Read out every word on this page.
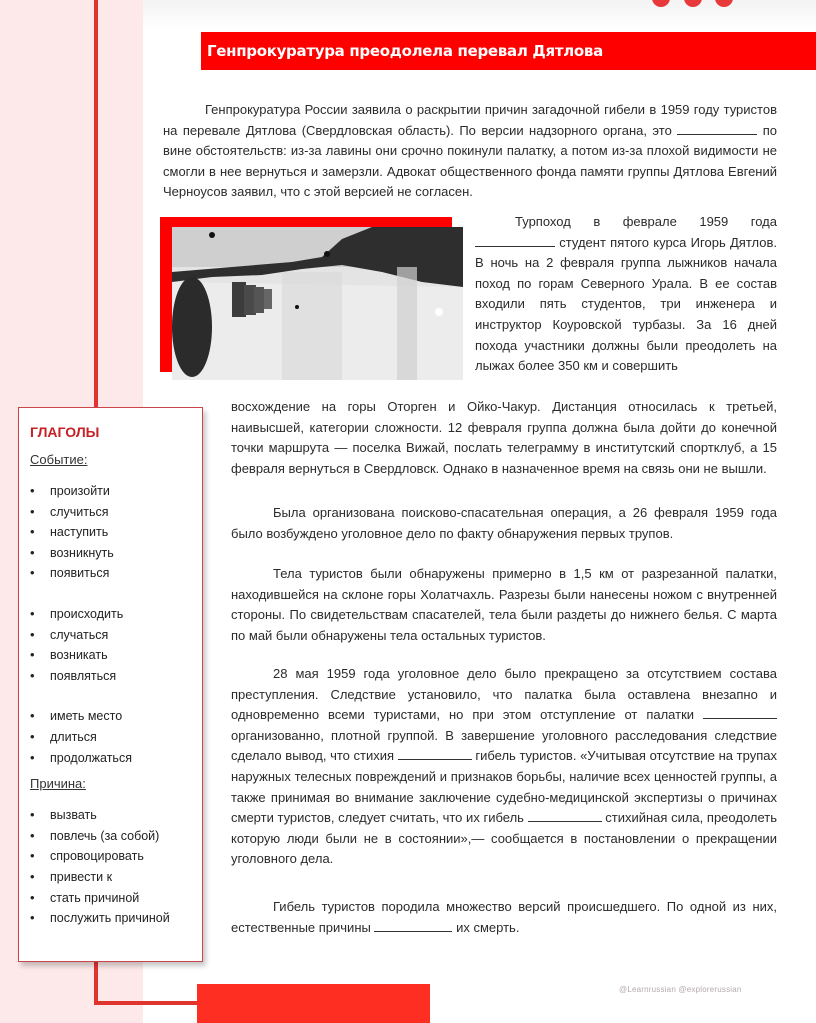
Генпрокуратура преодолела перевал Дятлова
Генпрокуратура России заявила о раскрытии причин загадочной гибели в 1959 году туристов на перевале Дятлова (Свердловская область). По версии надзорного органа, это	по вине обстоятельств: из-за лавины они срочно покинули палатку, а потом из-за плохой видимости не смогли в нее вернуться и замерзли. Адвокат общественного фонда памяти группы Дятлова Евгений Черноусов заявил, что с этой версией не согласен.
Турпоход в феврале 1959 года  студент пятого курса Игорь Дятлов. В ночь на 2 февраля группа лыжников начала поход по горам Северного Урала. В ее состав входили пять студентов, три инженера и инструктор Коуровской турбазы. За 16 дней похода участники должны были преодолеть на лыжах более 350 км и совершить
восхождение на горы Оторген и Ойко-Чакур. Дистанция относилась к третьей, наивысшей, категории сложности. 12 февраля группа должна была дойти до конечной точки маршрута — поселка Вижай, послать телеграмму в институтский спортклуб, а 15 февраля вернуться в Свердловск. Однако в назначенное время на связь они не вышли.
Была организована поисково-спасательная операция, а 26 февраля 1959 года было возбуждено уголовное дело по факту обнаружения первых трупов.
Тела туристов были обнаружены примерно в 1,5 км от разрезанной палатки, находившейся на склоне горы Холатчахль. Разрезы были нанесены ножом с внутренней стороны. По свидетельствам спасателей, тела были раздеты до нижнего белья. С марта по май были обнаружены тела остальных туристов.
28 мая 1959 года уголовное дело было прекращено за отсутствием состава преступления. Следствие установило, что палатка была оставлена внезапно и одновременно всеми туристами, но при этом отступление от палатки  организованно, плотной группой. В завершение уголовного расследования следствие сделало вывод, что стихия	гибель туристов. «Учитывая отсутствие на трупах наружных телесных повреждений и признаков борьбы, наличие всех ценностей группы, а также принимая во внимание заключение судебно-медицинской экспертизы о причинах смерти туристов, следует считать, что их гибель	стихийная сила, преодолеть которую люди были не в состоянии»,— сообщается в постановлении о прекращении уголовного дела.
Гибель туристов породила множество версий происшедшего. По одной из них, естественные причины	их смерть.
ГЛАГОЛЫ
Событие:
• произойти
• случиться
• наступить
• возникнуть
• появиться
• происходить
• случаться
• возникать
• появляться
• иметь место
• длиться
• продолжаться
Причина:
• вызвать
• повлечь (за собой)
• спровоцировать
• привести к
• стать причиной
• послужить причиной
@Learnrussian @explorerussian
